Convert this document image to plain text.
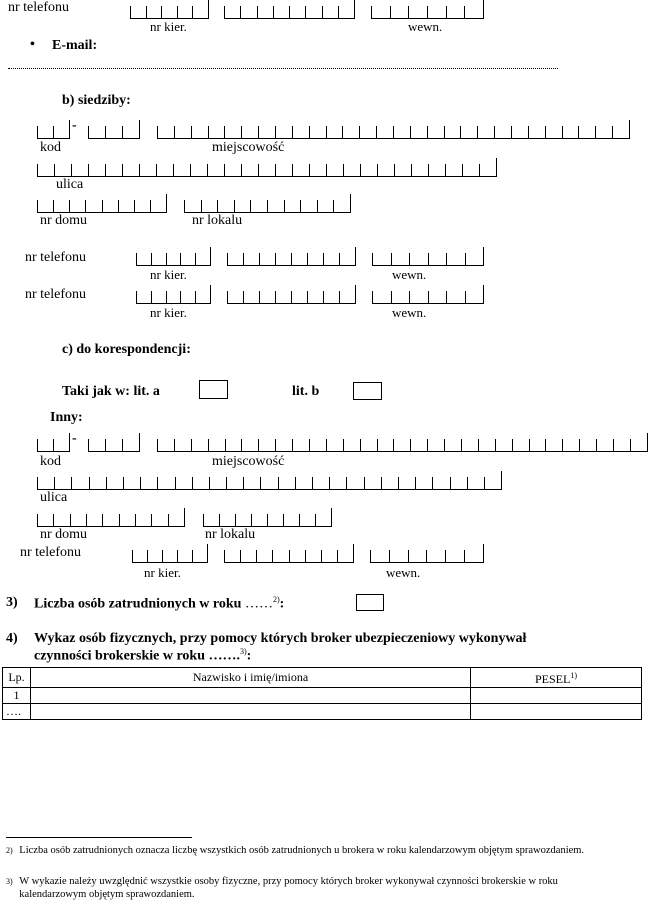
nr telefonu
nr kier.	wewn.
• E-mail:
b) siedziby:
-
kod	miejscowość
ulica
nr domu	nr lokalu
nr telefonu
nr kier.	wewn.
nr telefonu
nr kier.	wewn.
c) do korespondencji:
Taki jak w: lit. a	lit. b
Inny:
-
kod	miejscowość
ulica
nr domu	nr lokalu
nr telefonu
nr kier.	wewn.
3) Liczba osób zatrudnionych w roku ……$^{2)}$:
4) Wykaz osób fizycznych, przy pomocy których broker ubezpieczeniowy wykonywał
czynności brokerskie w roku …….$^{3)}$:
Lp.	Nazwisko i imię/imiona	PESEL$^{1)}$
1		
….		
$^{2)}$ Liczba osób zatrudnionych oznacza liczbę wszystkich osób zatrudnionych u brokera w roku kalendarzowym objętym sprawozdaniem.
$^{3)}$ W wykazie należy uwzględnić wszystkie osoby fizyczne, przy pomocy których broker wykonywał czynności brokerskie w roku kalendarzowym objętym sprawozdaniem.
